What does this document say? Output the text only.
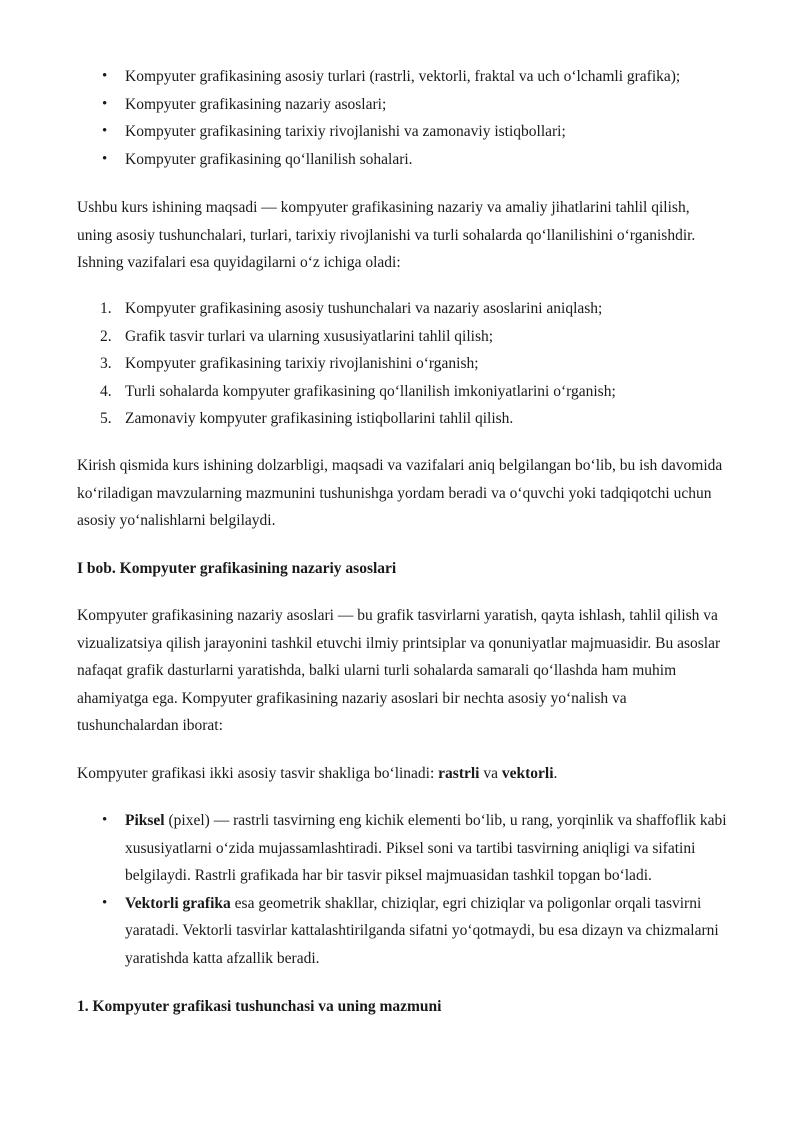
•	Kompyuter grafikasining asosiy turlari (rastrli, vektorli, fraktal va uch o‘lchamli grafika);
•	Kompyuter grafikasining nazariy asoslari;
•	Kompyuter grafikasining tarixiy rivojlanishi va zamonaviy istiqbollari;
•	Kompyuter grafikasining qo‘llanilish sohalari.

Ushbu kurs ishining maqsadi — kompyuter grafikasining nazariy va amaliy jihatlarini tahlil qilish, uning asosiy tushunchalari, turlari, tarixiy rivojlanishi va turli sohalarda qo‘llanilishini o‘rganishdir. Ishning vazifalari esa quyidagilarni o‘z ichiga oladi:

1. Kompyuter grafikasining asosiy tushunchalari va nazariy asoslarini aniqlash;
2. Grafik tasvir turlari va ularning xususiyatlarini tahlil qilish;
3. Kompyuter grafikasining tarixiy rivojlanishini o‘rganish;
4. Turli sohalarda kompyuter grafikasining qo‘llanilish imkoniyatlarini o‘rganish;
5. Zamonaviy kompyuter grafikasining istiqbollarini tahlil qilish.

Kirish qismida kurs ishining dolzarbligi, maqsadi va vazifalari aniq belgilangan bo‘lib, bu ish davomida ko‘riladigan mavzularning mazmunini tushunishga yordam beradi va o‘quvchi yoki tadqiqotchi uchun asosiy yo‘nalishlarni belgilaydi.

I bob. Kompyuter grafikasining nazariy asoslari

Kompyuter grafikasining nazariy asoslari — bu grafik tasvirlarni yaratish, qayta ishlash, tahlil qilish va vizualizatsiya qilish jarayonini tashkil etuvchi ilmiy printsiplar va qonuniyatlar majmuasidir. Bu asoslar nafaqat grafik dasturlarni yaratishda, balki ularni turli sohalarda samarali qo‘llashda ham muhim ahamiyatga ega. Kompyuter grafikasining nazariy asoslari bir nechta asosiy yo‘nalish va tushunchalardan iborat:

Kompyuter grafikasi ikki asosiy tasvir shakliga bo‘linadi: rastrli va vektorli.

•	Piksel (pixel) — rastrli tasvirning eng kichik elementi bo‘lib, u rang, yorqinlik va shaffoflik kabi xususiyatlarni o‘zida mujassamlashtiradi. Piksel soni va tartibi tasvirning aniqligi va sifatini belgilaydi. Rastrli grafikada har bir tasvir piksel majmuasidan tashkil topgan bo‘ladi.
•	Vektorli grafika esa geometrik shakllar, chiziqlar, egri chiziqlar va poligonlar orqali tasvirni yaratadi. Vektorli tasvirlar kattalashtirilganda sifatni yo‘qotmaydi, bu esa dizayn va chizmalarni yaratishda katta afzallik beradi.

1. Kompyuter grafikasi tushunchasi va uning mazmuni
